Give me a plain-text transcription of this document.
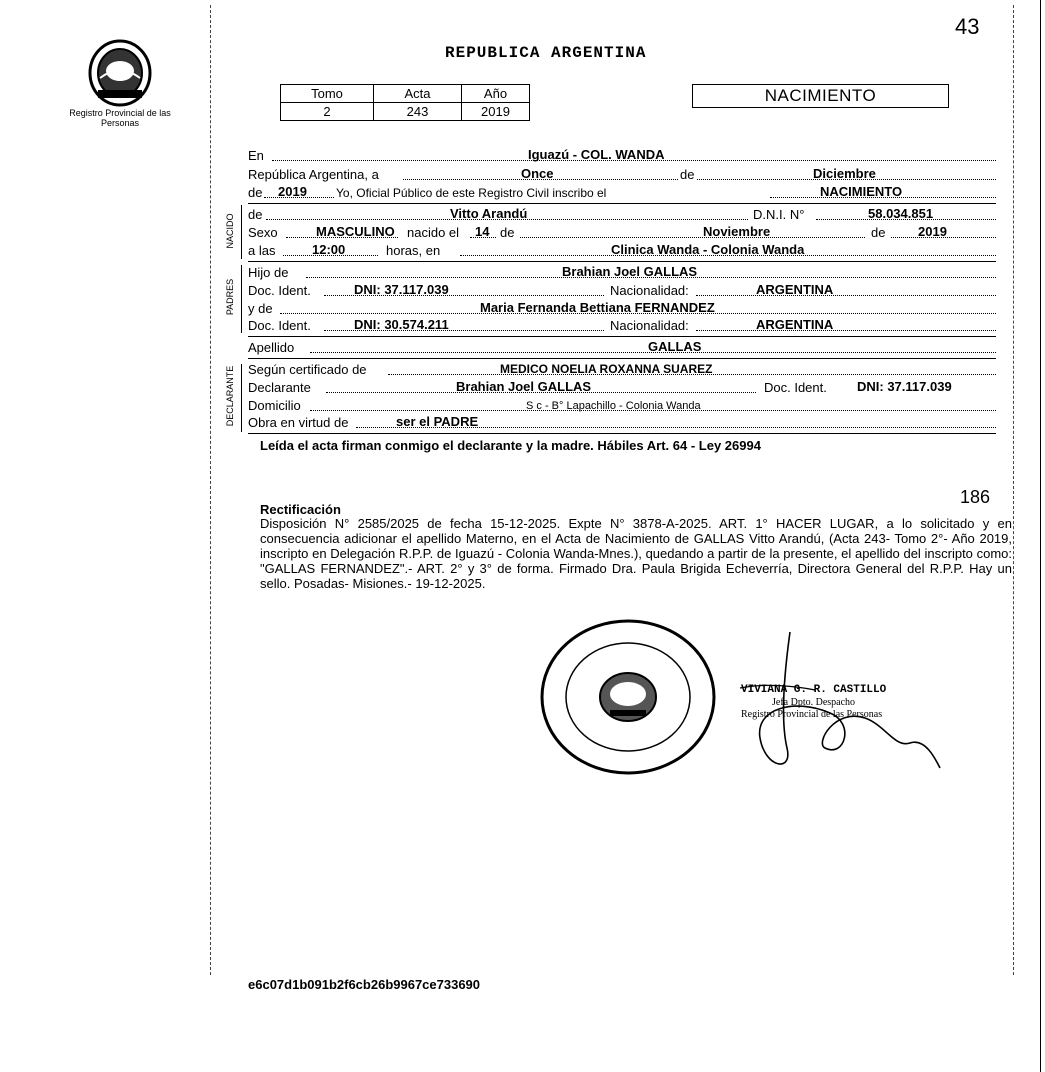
43
Registro Provincial de las Personas
REPUBLICA ARGENTINA
Tomo	Acta	Año
2	243	2019
NACIMIENTO
En	Iguazú - COL. WANDA
República Argentina, a	Once	de	Diciembre
de 2019 Yo, Oficial Público de este Registro Civil inscribo el	NACIMIENTO
NACIDO de	Vitto Arandú	D.N.I. N°	58.034.851
Sexo	MASCULINO nacido el 14 de	Noviembre	de	2019
a las	12:00	horas, en	Clinica Wanda - Colonia Wanda
PADRES
Hijo de	Brahian Joel GALLAS
Doc. Ident.	DNI: 37.117.039	Nacionalidad:	ARGENTINA
y de	Maria Fernanda Bettiana FERNANDEZ
Doc. Ident.	DNI: 30.574.211	Nacionalidad:	ARGENTINA
Apellido	GALLAS
DECLARANTE Según certificado de	MEDICO NOELIA ROXANNA SUAREZ
Declarante	Brahian Joel GALLAS	Doc. Ident. DNI: 37.117.039
Domicilio	S c - B° Lapachillo - Colonia Wanda
Obra en virtud de	ser el PADRE
Leída el acta firman conmigo el declarante y la madre. Hábiles Art. 64 - Ley 26994
186
Rectificación
Disposición N° 2585/2025 de fecha 15-12-2025. Expte N° 3878-A-2025. ART. 1° HACER LUGAR, a lo solicitado y en consecuencia adicionar el apellido Materno, en el Acta de Nacimiento de GALLAS Vitto Arandú, (Acta 243- Tomo 2°- Año 2019, inscripto en Delegación R.P.P. de Iguazú - Colonia Wanda-Mnes.), quedando a partir de la presente, el apellido del inscripto como: "GALLAS FERNANDEZ".- ART. 2° y 3° de forma. Firmado Dra. Paula Brigida Echeverría, Directora General del R.P.P. Hay un sello. Posadas- Misiones.- 19-12-2025.
VIVIANA G. R. CASTILLO
Jefa Dpto. Despacho
Registro Provincial de las Personas
e6c07d1b091b2f6cb26b9967ce733690
